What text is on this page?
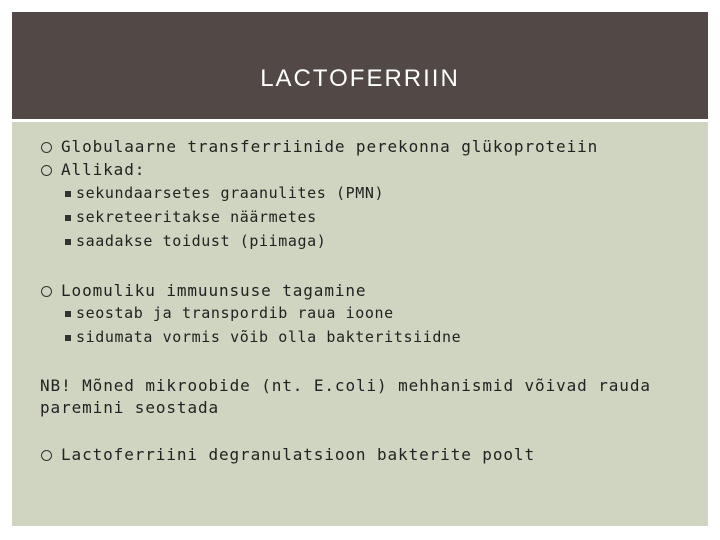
LACTOFERRIIN
Globulaarne transferriinide perekonna glükoproteiin
Allikad:
sekundaarsetes graanulites (PMN)
sekreteeritakse näärmetes
saadakse toidust (piimaga)
Loomuliku immuunsuse tagamine
seostab ja transpordib raua ioone
sidumata vormis võib olla bakteritsiidne
NB! Mõned mikroobide (nt. E.coli) mehhanismid võivad rauda
paremini seostada
Lactoferriini degranulatsioon bakterite poolt
